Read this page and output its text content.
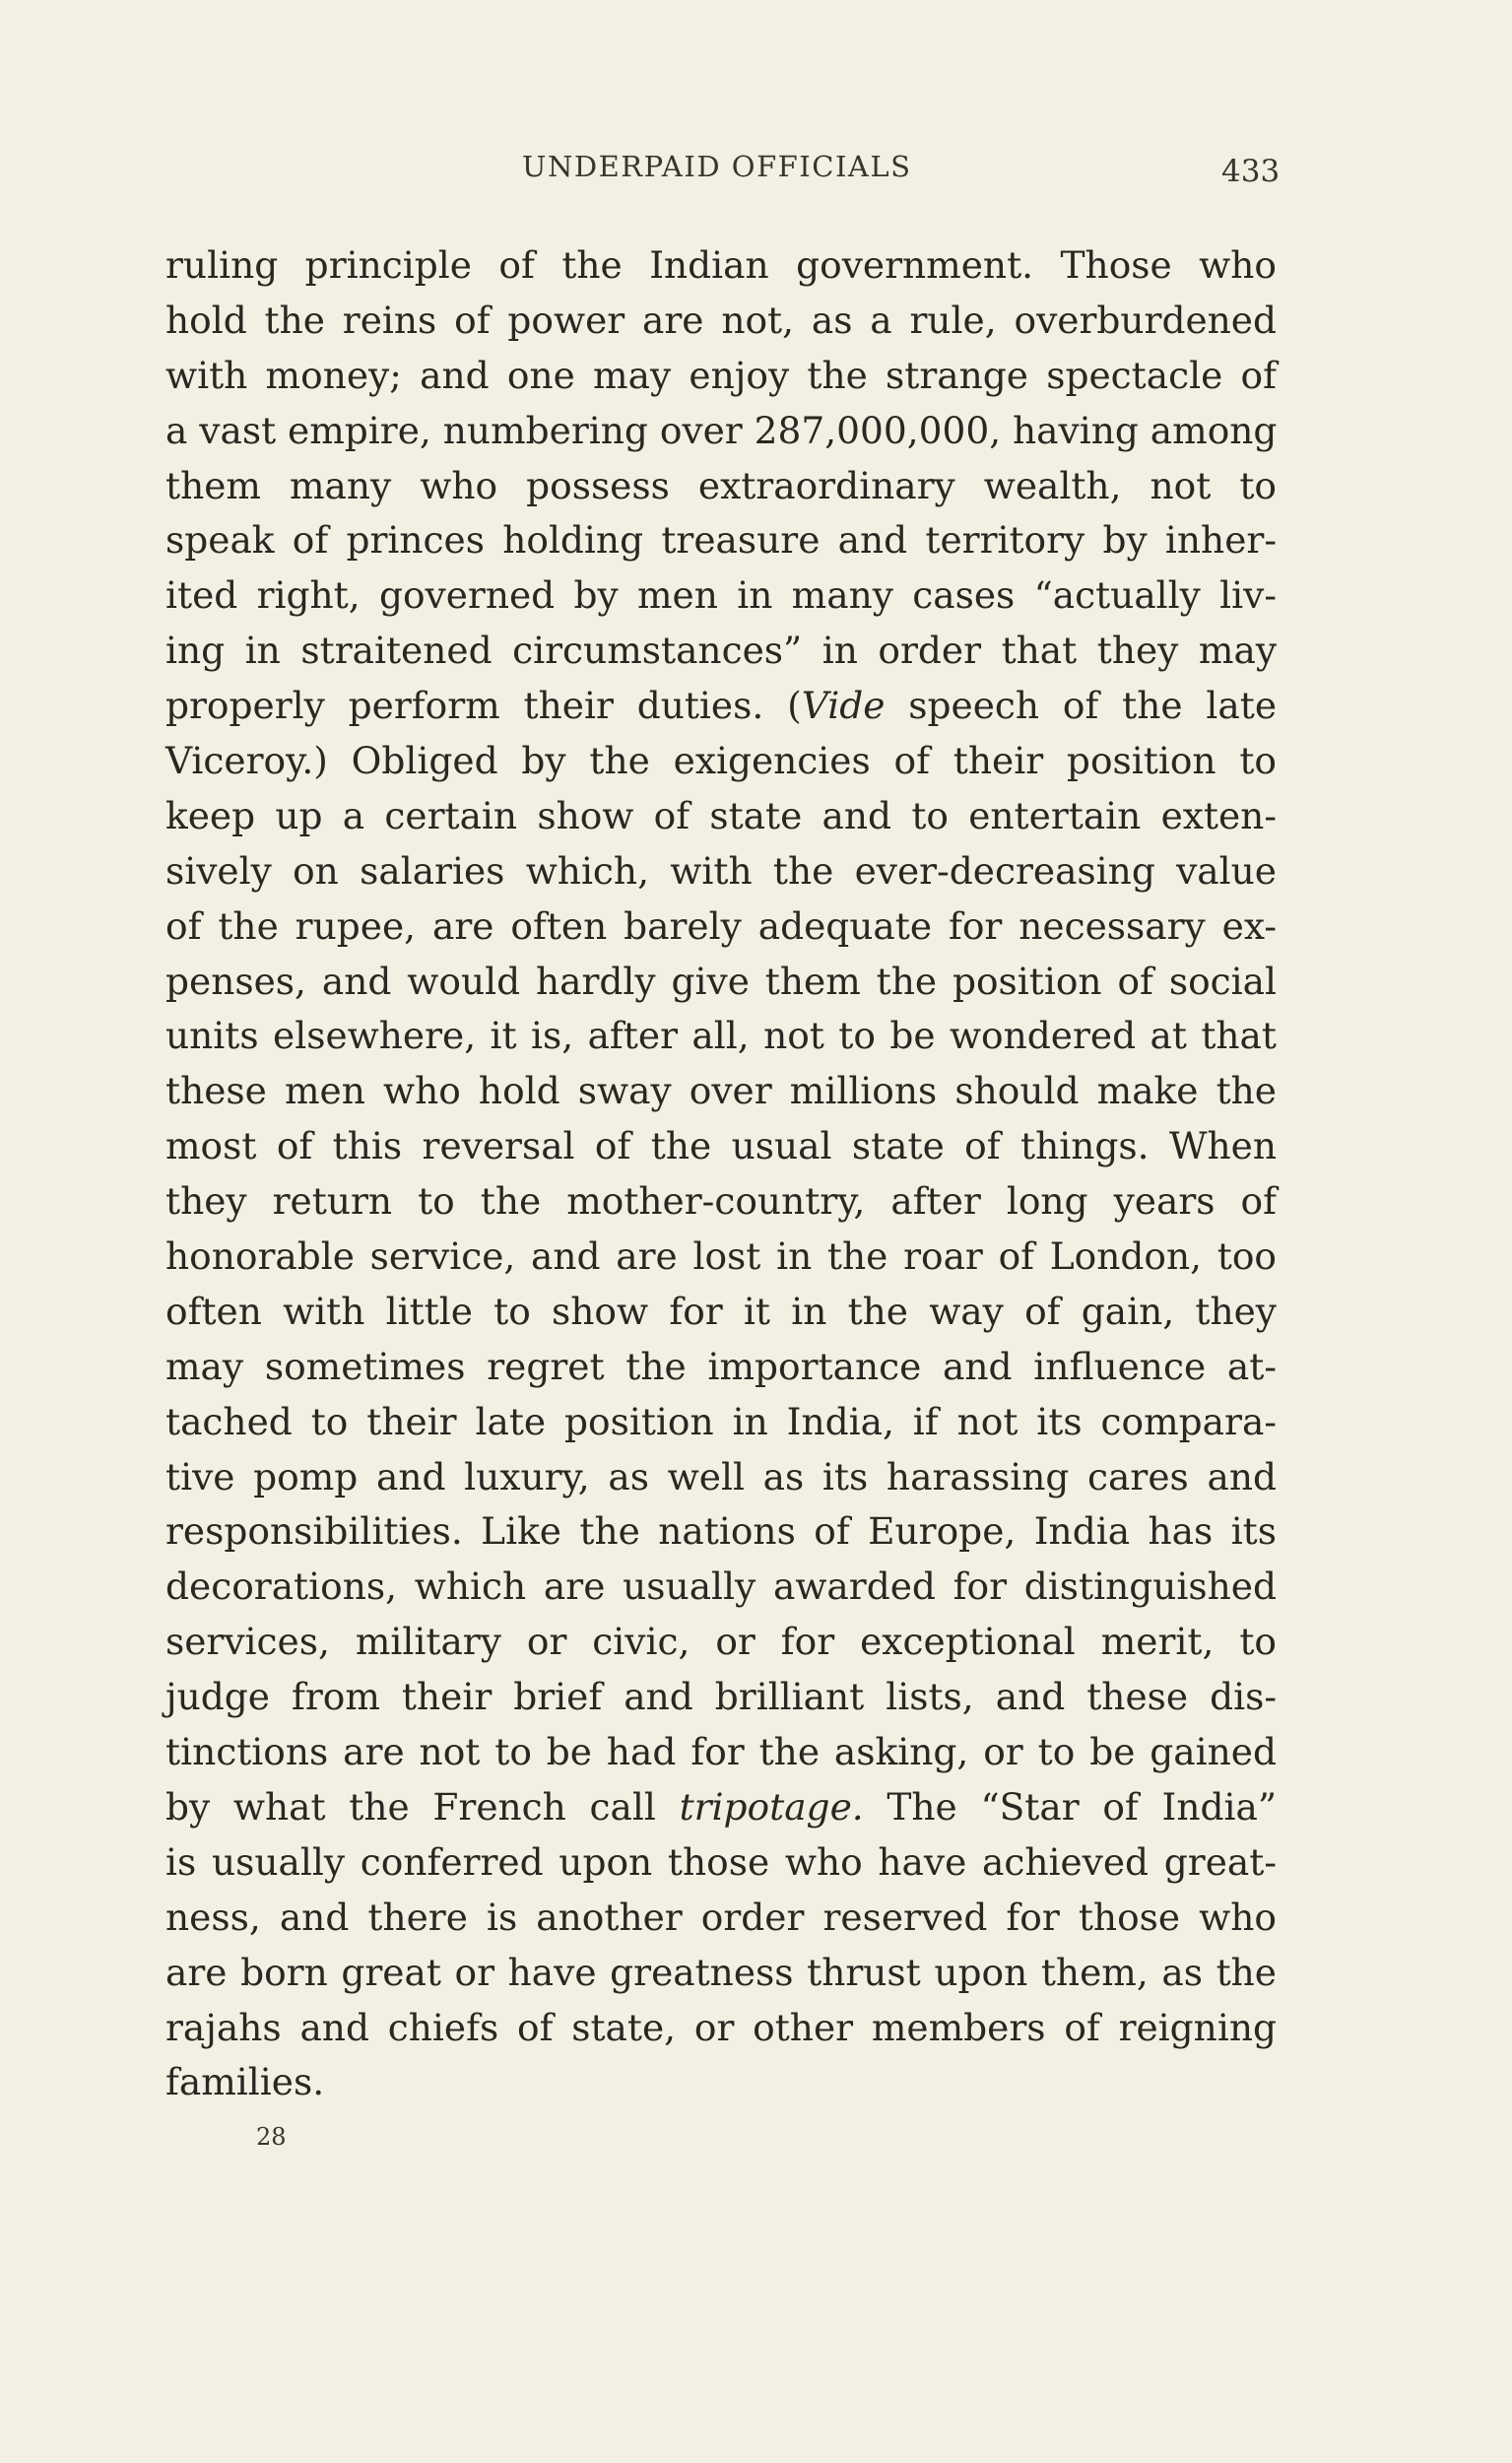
UNDERPAID OFFICIALS	433
ruling principle of the Indian government. Those who
hold the reins of power are not, as a rule, overburdened
with money; and one may enjoy the strange spectacle of
a vast empire, numbering over 287,000,000, having among
them many who possess extraordinary wealth, not to
speak of princes holding treasure and territory by inher-
ited right, governed by men in many cases “actually liv-
ing in straitened circumstances” in order that they may
properly perform their duties. (Vide speech of the late
Viceroy.) Obliged by the exigencies of their position to
keep up a certain show of state and to entertain exten-
sively on salaries which, with the ever-decreasing value
of the rupee, are often barely adequate for necessary ex-
penses, and would hardly give them the position of social
units elsewhere, it is, after all, not to be wondered at that
these men who hold sway over millions should make the
most of this reversal of the usual state of things. When
they return to the mother-country, after long years of
honorable service, and are lost in the roar of London, too
often with little to show for it in the way of gain, they
may sometimes regret the importance and influence at-
tached to their late position in India, if not its compara-
tive pomp and luxury, as well as its harassing cares and
responsibilities. Like the nations of Europe, India has its
decorations, which are usually awarded for distinguished
services, military or civic, or for exceptional merit, to
judge from their brief and brilliant lists, and these dis-
tinctions are not to be had for the asking, or to be gained
by what the French call tripotage. The “Star of India”
is usually conferred upon those who have achieved great-
ness, and there is another order reserved for those who
are born great or have greatness thrust upon them, as the
rajahs and chiefs of state, or other members of reigning
families.
28
